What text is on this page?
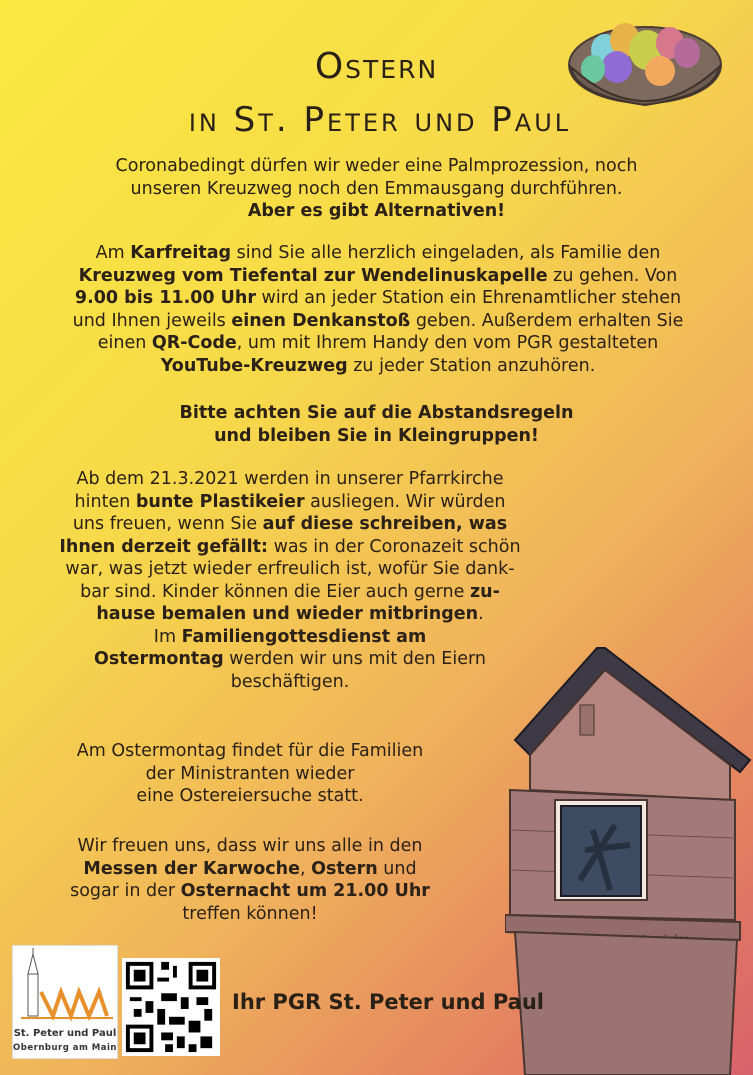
Ostern
in St. Peter und Paul
Coronabedingt dürfen wir weder eine Palmprozession, noch
unseren Kreuzweg noch den Emmausgang durchführen.
Aber es gibt Alternativen!
Am Karfreitag sind Sie alle herzlich eingeladen, als Familie den
Kreuzweg vom Tiefental zur Wendelinuskapelle zu gehen. Von
9.00 bis 11.00 Uhr wird an jeder Station ein Ehrenamtlicher stehen
und Ihnen jeweils einen Denkanstoß geben. Außerdem erhalten Sie
einen QR-Code, um mit Ihrem Handy den vom PGR gestalteten
YouTube-Kreuzweg zu jeder Station anzuhören.
Bitte achten Sie auf die Abstandsregeln
und bleiben Sie in Kleingruppen!
Ab dem 21.3.2021 werden in unserer Pfarrkirche
hinten bunte Plastikeier ausliegen. Wir würden
uns freuen, wenn Sie auf diese schreiben, was
Ihnen derzeit gefällt: was in der Coronazeit schön
war, was jetzt wieder erfreulich ist, wofür Sie dank-
bar sind. Kinder können die Eier auch gerne zu-
hause bemalen und wieder mitbringen.
Im Familiengottesdienst am
Ostermontag werden wir uns mit den Eiern
beschäftigen.
Am Ostermontag findet für die Familien
der Ministranten wieder
eine Ostereiersuche statt.
Wir freuen uns, dass wir uns alle in den
Messen der Karwoche, Ostern und
sogar in der Osternacht um 21.00 Uhr
treffen können!
St. Peter und Paul
Obernburg am Main
Ihr PGR St. Peter und Paul
